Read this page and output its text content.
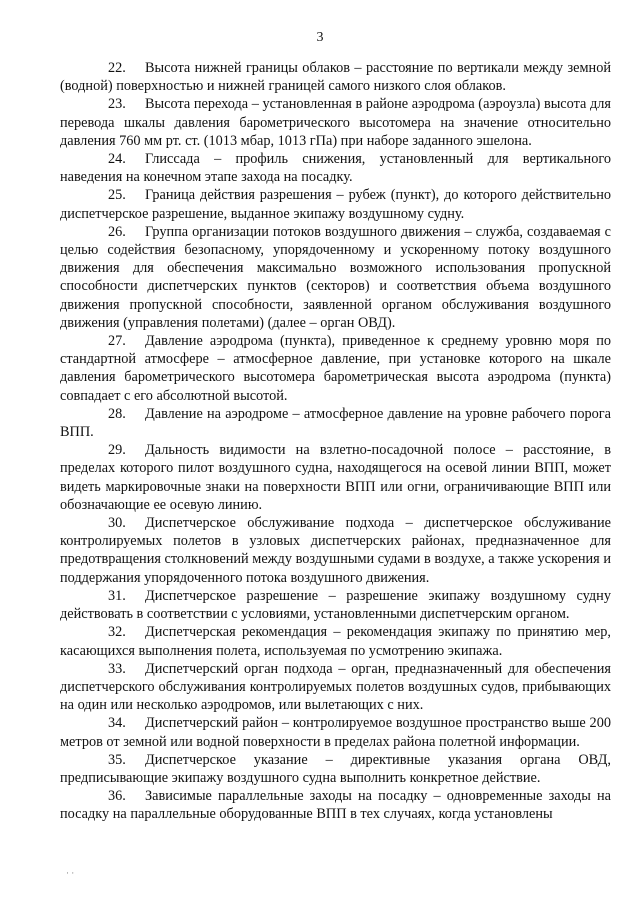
3

22. Высота нижней границы облаков – расстояние по вертикали между земной (водной) поверхностью и нижней границей самого низкого слоя облаков.

23. Высота перехода – установленная в районе аэродрома (аэроузла) высота для перевода шкалы давления барометрического высотомера на значение относительно давления 760 мм рт. ст. (1013 мбар, 1013 гПа) при наборе заданного эшелона.

24. Глиссада – профиль снижения, установленный для вертикального наведения на конечном этапе захода на посадку.

25. Граница действия разрешения – рубеж (пункт), до которого действительно диспетчерское разрешение, выданное экипажу воздушному судну.

26. Группа организации потоков воздушного движения – служба, создаваемая с целью содействия безопасному, упорядоченному и ускоренному потоку воздушного движения для обеспечения максимально возможного использования пропускной способности диспетчерских пунктов (секторов) и соответствия объема воздушного движения пропускной способности, заявленной органом обслуживания воздушного движения (управления полетами) (далее – орган ОВД).

27. Давление аэродрома (пункта), приведенное к среднему уровню моря по стандартной атмосфере – атмосферное давление, при установке которого на шкале давления барометрического высотомера барометрическая высота аэродрома (пункта) совпадает с его абсолютной высотой.

28. Давление на аэродроме – атмосферное давление на уровне рабочего порога ВПП.

29. Дальность видимости на взлетно-посадочной полосе – расстояние, в пределах которого пилот воздушного судна, находящегося на осевой линии ВПП, может видеть маркировочные знаки на поверхности ВПП или огни, ограничивающие ВПП или обозначающие ее осевую линию.

30. Диспетчерское обслуживание подхода – диспетчерское обслуживание контролируемых полетов в узловых диспетчерских районах, предназначенное для предотвращения столкновений между воздушными судами в воздухе, а также ускорения и поддержания упорядоченного потока воздушного движения.

31. Диспетчерское разрешение – разрешение экипажу воздушному судну действовать в соответствии с условиями, установленными диспетчерским органом.

32. Диспетчерская рекомендация – рекомендация экипажу по принятию мер, касающихся выполнения полета, используемая по усмотрению экипажа.

33. Диспетчерский орган подхода – орган, предназначенный для обеспечения диспетчерского обслуживания контролируемых полетов воздушных судов, прибывающих на один или несколько аэродромов, или вылетающих с них.

34. Диспетчерский район – контролируемое воздушное пространство выше 200 метров от земной или водной поверхности в пределах района полетной информации.

35. Диспетчерское указание – директивные указания органа ОВД, предписывающие экипажу воздушного судна выполнить конкретное действие.

36. Зависимые параллельные заходы на посадку – одновременные заходы на посадку на параллельные оборудованные ВПП в тех случаях, когда установлены

· ·
